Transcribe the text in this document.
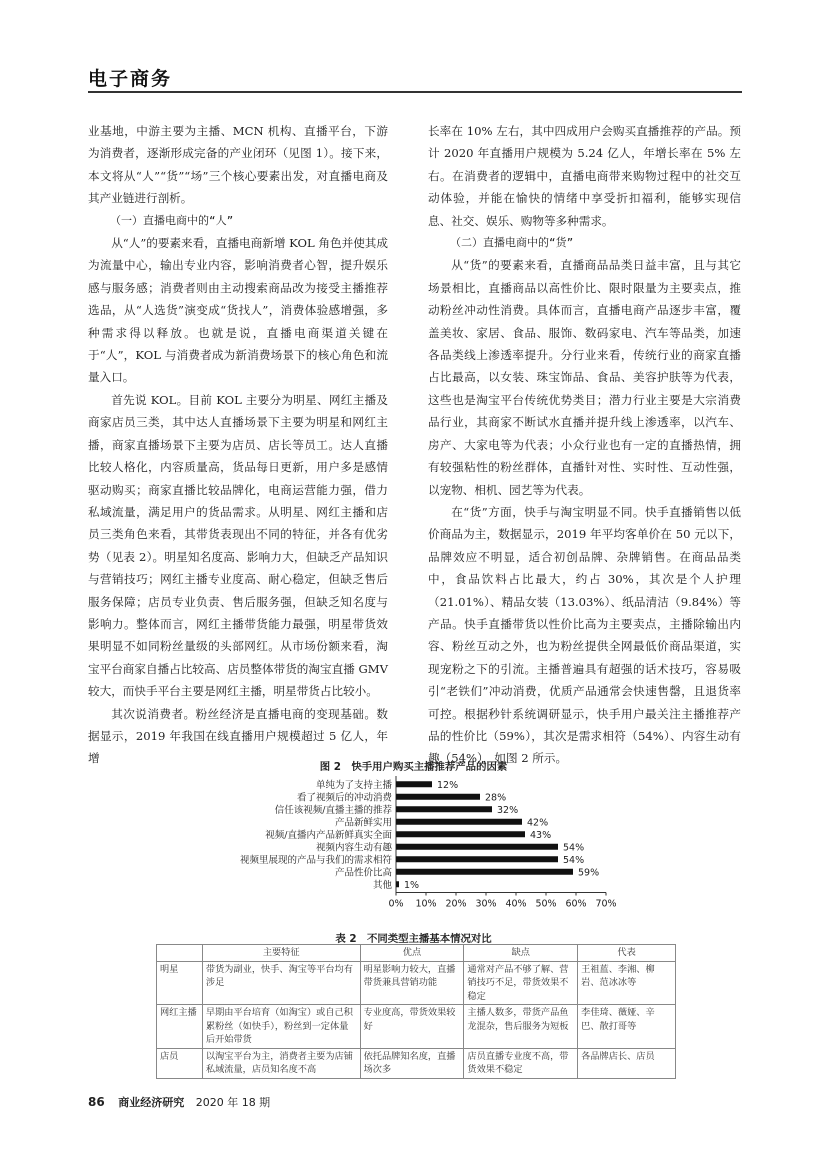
电子商务

业基地，中游主要为主播、MCN 机构、直播平台，下游为消费者，逐渐形成完备的产业闭环（见图 1）。接下来，本文将从“人”“货”“场”三个核心要素出发，对直播电商及其产业链进行剖析。

（一）直播电商中的“人”

从“人”的要素来看，直播电商新增 KOL 角色并使其成为流量中心，输出专业内容，影响消费者心智，提升娱乐感与服务感；消费者则由主动搜索商品改为接受主播推荐选品，从“人选货”演变成“货找人”，消费体验感增强，多种需求得以释放。也就是说，直播电商渠道关键在于“人”，KOL 与消费者成为新消费场景下的核心角色和流量入口。

首先说 KOL。目前 KOL 主要分为明星、网红主播及商家店员三类，其中达人直播场景下主要为明星和网红主播，商家直播场景下主要为店员、店长等员工。达人直播比较人格化，内容质量高，货品每日更新，用户多是感情驱动购买；商家直播比较品牌化，电商运营能力强，借力私域流量，满足用户的货品需求。从明星、网红主播和店员三类角色来看，其带货表现出不同的特征，并各有优劣势（见表 2）。明星知名度高、影响力大，但缺乏产品知识与营销技巧；网红主播专业度高、耐心稳定，但缺乏售后服务保障；店员专业负责、售后服务强，但缺乏知名度与影响力。整体而言，网红主播带货能力最强，明星带货效果明显不如同粉丝量级的头部网红。从市场份额来看，淘宝平台商家自播占比较高、店员整体带货的淘宝直播 GMV 较大，而快手平台主要是网红主播，明星带货占比较小。

其次说消费者。粉丝经济是直播电商的变现基础。数据显示，2019 年我国在线直播用户规模超过 5 亿人，年增

长率在 10% 左右，其中四成用户会购买直播推荐的产品。预计 2020 年直播用户规模为 5.24 亿人，年增长率在 5% 左右。在消费者的逻辑中，直播电商带来购物过程中的社交互动体验，并能在愉快的情绪中享受折扣福利，能够实现信息、社交、娱乐、购物等多种需求。

（二）直播电商中的“货”

从“货”的要素来看，直播商品品类日益丰富，且与其它场景相比，直播商品以高性价比、限时限量为主要卖点，推动粉丝冲动性消费。具体而言，直播电商产品逐步丰富，覆盖美妆、家居、食品、服饰、数码家电、汽车等品类，加速各品类线上渗透率提升。分行业来看，传统行业的商家直播占比最高，以女装、珠宝饰品、食品、美容护肤等为代表，这些也是淘宝平台传统优势类目；潜力行业主要是大宗消费品行业，其商家不断试水直播并提升线上渗透率，以汽车、房产、大家电等为代表；小众行业也有一定的直播热情，拥有较强粘性的粉丝群体，直播针对性、实时性、互动性强，以宠物、相机、园艺等为代表。

在“货”方面，快手与淘宝明显不同。快手直播销售以低价商品为主，数据显示，2019 年平均客单价在 50 元以下，品牌效应不明显，适合初创品牌、杂牌销售。在商品品类中，食品饮料占比最大，约占 30%，其次是个人护理（21.01%）、精品女装（13.03%）、纸品清洁（9.84%）等产品。快手直播带货以性价比高为主要卖点，主播除输出内容、粉丝互动之外，也为粉丝提供全网最低价商品渠道，实现宠粉之下的引流。主播普遍具有超强的话术技巧，容易吸引“老铁们”冲动消费，优质产品通常会快速售罄，且退货率可控。根据秒针系统调研显示，快手用户最关注主播推荐产品的性价比（59%），其次是需求相符（54%）、内容生动有趣（54%），如图 2 所示。

图 2　快手用户购买主播推荐产品的因素
单纯为了支持主播	12%
看了视频后的冲动消费	28%
信任该视频/直播主播的推荐	32%
产品新鲜实用	42%
视频/直播内产品新鲜真实全面	43%
视频内容生动有趣	54%
视频里展现的产品与我们的需求相符	54%
产品性价比高	59%
其他 1%
0% 10% 20% 30% 40% 50% 60% 70%
表 2　不同类型主播基本情况对比
	主要特征	优点	缺点	代表
明星	带货为副业，快手、淘宝等平台均有涉足	明星影响力较大，直播带货兼具营销功能	通常对产品不够了解、营销技巧不足，带货效果不稳定	王祖蓝、李湘、柳岩、范冰冰等
网红主播	早期由平台培育（如淘宝）或自己积累粉丝（如快手），粉丝到一定体量后开始带货	专业度高，带货效果较好	主播人数多，带货产品鱼龙混杂，售后服务为短板	李佳琦、薇娅、辛巴、散打哥等
店员	以淘宝平台为主，消费者主要为店铺私域流量，店员知名度不高	依托品牌知名度，直播场次多	店员直播专业度不高，带货效果不稳定	各品牌店长、店员
86 商业经济研究 2020 年 18 期
